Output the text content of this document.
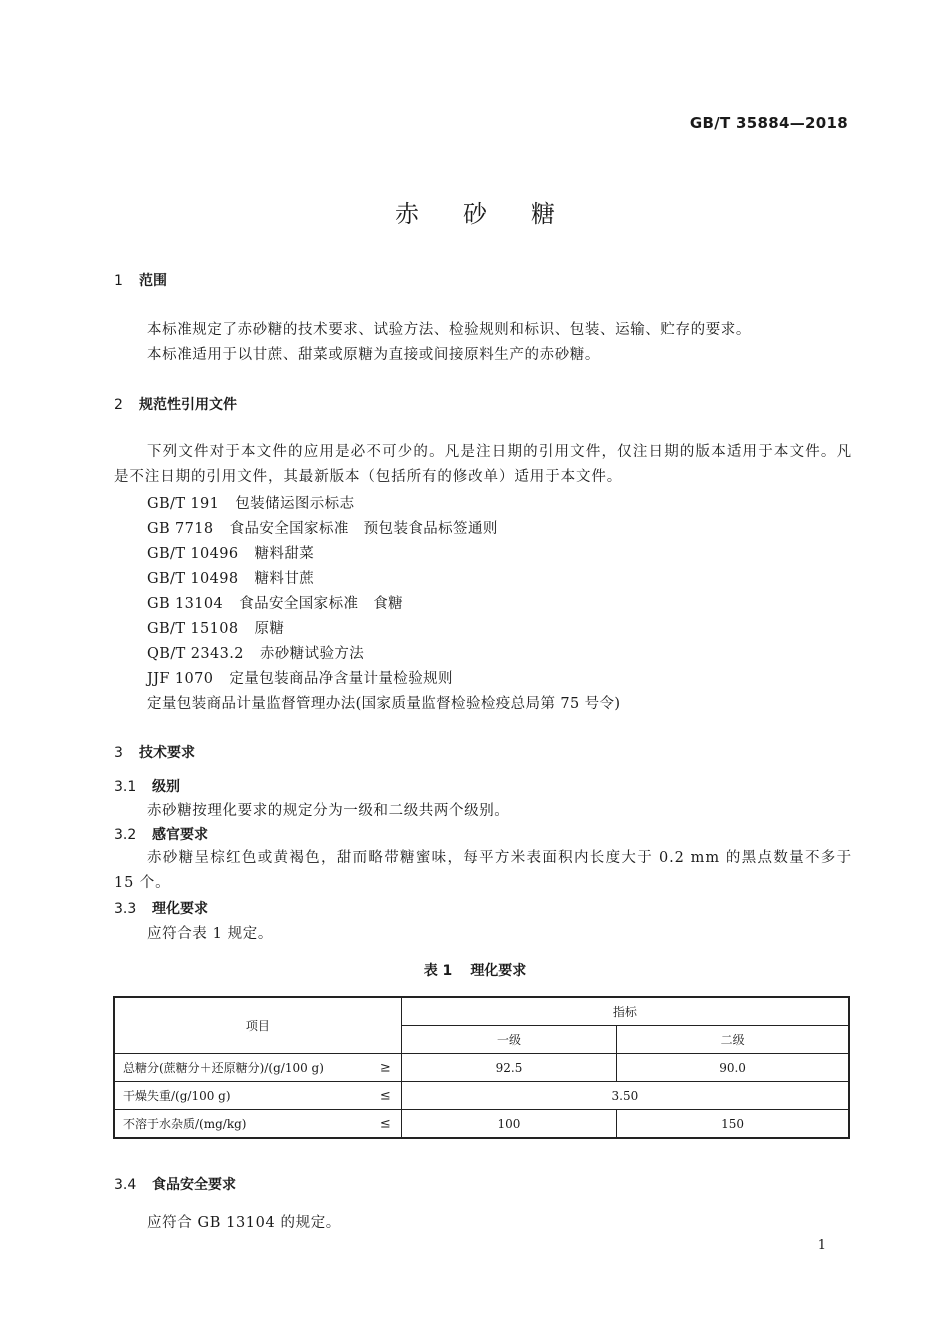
GB/T 35884—2018
赤 砂 糖
1 范围
本标准规定了赤砂糖的技术要求、试验方法、检验规则和标识、包装、运输、贮存的要求。
本标准适用于以甘蔗、甜菜或原糖为直接或间接原料生产的赤砂糖。
2 规范性引用文件
下列文件对于本文件的应用是必不可少的。凡是注日期的引用文件，仅注日期的版本适用于本文件。凡是不注日期的引用文件，其最新版本（包括所有的修改单）适用于本文件。
GB/T 191 包装储运图示标志
GB 7718 食品安全国家标准　预包装食品标签通则
GB/T 10496 糖料甜菜
GB/T 10498 糖料甘蔗
GB 13104 食品安全国家标准　食糖
GB/T 15108 原糖
QB/T 2343.2 赤砂糖试验方法
JJF 1070 定量包装商品净含量计量检验规则
定量包装商品计量监督管理办法(国家质量监督检验检疫总局第 75 号令)
3 技术要求
3.1 级别
赤砂糖按理化要求的规定分为一级和二级共两个级别。
3.2 感官要求
赤砂糖呈棕红色或黄褐色，甜而略带糖蜜味，每平方米表面积内长度大于 0.2 mm 的黑点数量不多于 15 个。
3.3 理化要求
应符合表 1 规定。
表 1 理化要求
项目	指标	
	一级	二级
总糖分(蔗糖分＋还原糖分)/(g/100 g) ≥	92.5	90.0
干燥失重/(g/100 g) ≤	3.50	
不溶于水杂质/(mg/kg) ≤	100	150
3.4 食品安全要求
应符合 GB 13104 的规定。
1
